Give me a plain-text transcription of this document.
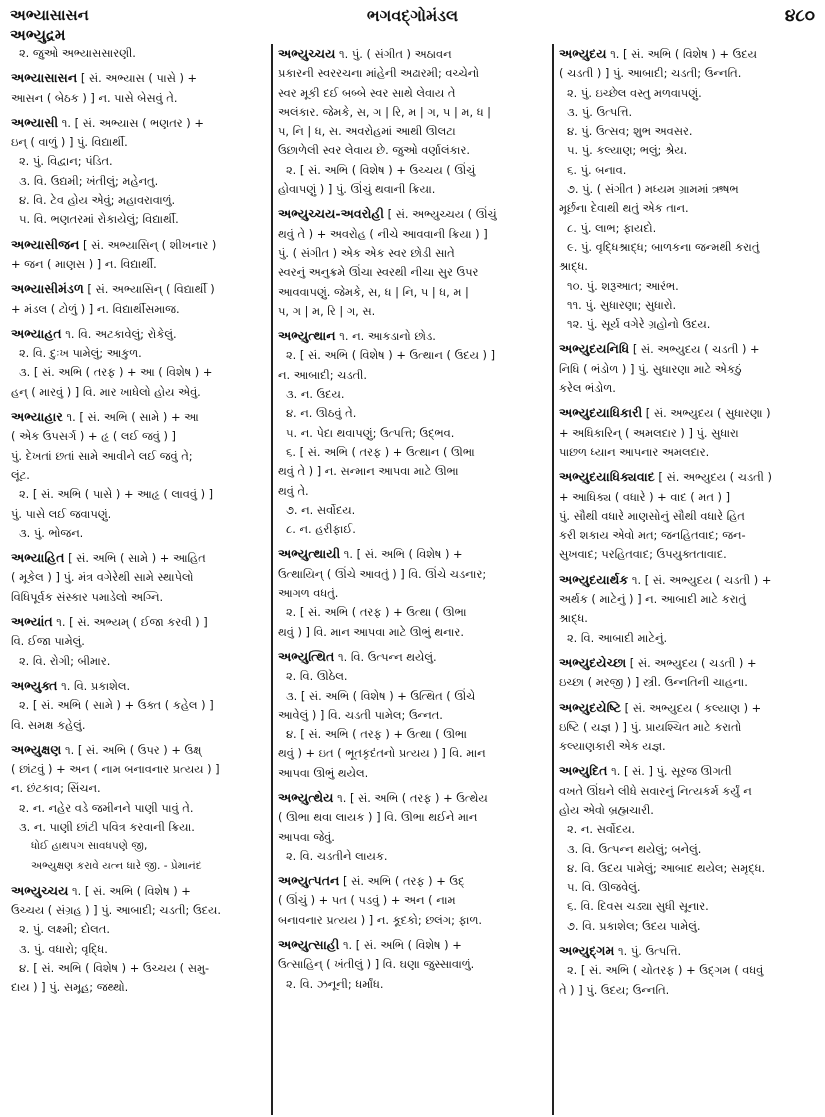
અભ્યાસાસન
અભ્યુદ્રમ
ભગવદ્ગોમંડલ	૪૮૦
૨. જુઓ અભ્યાસસારણી.
અભ્યાસાસન [ સં. અભ્યાસ ( પાસે ) +
આસન ( બેઠક ) ] ન. પાસે બેસવું તે.
અભ્યાસી ૧. [ સં. અભ્યાસ ( ભણતર ) +
ઇન્ ( વાળું ) ] પું. વિદ્યાર્થી.
૨. પું. વિદ્વાન; પંડિત.
૩. વિ. ઉદ્યમી; ખંતીલું; મહેનતુ.
૪. વિ. ટેવ હોય એવું; મહાવરાવાળું.
૫. વિ. ભણતરમાં રોકાયેલું; વિદ્યાર્થી.
અભ્યાસીજન [ સં. અભ્યાસિન્ ( શીખનાર )
+ જન ( માણસ ) ] ન. વિદ્યાર્થી.
અભ્યાસીમંડળ [ સં. અભ્યાસિન્ ( વિદ્યાર્થી )
+ મંડલ ( ટોળું ) ] ન. વિદ્યાર્થીસમાજ.
અભ્યાહત ૧. વિ. અટકાવેલું; રોકેલું.
૨. વિ. દુઃખ પામેલું; આકુળ.
૩. [ સં. અભિ ( તરફ ) + આ ( વિશેષ ) +
હન્ ( મારવું ) ] વિ. માર ખાધેલો હોય એવું.
અભ્યાહાર ૧. [ સં. અભિ ( સામે ) + આ
( એક ઉપસર્ગ ) + હૃ ( લઈ જવું ) ]
પું. દેખતાં છતાં સામે આવીને લઈ જવું તે;
લૂંટ.
૨. [ સં. અભિ ( પાસે ) + આહૃ ( લાવવું ) ]
પું. પાસે લઈ જવાપણું.
૩. પું. ભોજન.
અભ્યાહિત [ સં. અભિ ( સામે ) + આહિત
( મૂકેલ ) ] પું. મંત્ર વગેરેથી સામે સ્થાપેલો
વિધિપૂર્વક સંસ્કાર પમાડેલો અગ્નિ.
અભ્યાંત ૧. [ સં. અભ્યમ્ ( ઈજા કરવી ) ]
વિ. ઈજા પામેલું.
૨. વિ. રોગી; બીમાર.
અભ્યુક્ત ૧. વિ. પ્રકાશેલ.
૨. [ સં. અભિ ( સામે ) + ઉક્ત ( કહેલ ) ]
વિ. સમક્ષ કહેલું.
અભ્યુક્ષણ ૧. [ સં. અભિ ( ઉપર ) + ઉક્ષ્
( છાંટવું ) + અન ( નામ બનાવનાર પ્રત્યય ) ]
ન. છંટકાવ; સિંચન.
૨. ન. નહેર વડે જમીનને પાણી પાવું તે.
૩. ન. પાણી છાંટી પવિત્ર કરવાની ક્રિયા.
ધોઈ હાથપગ સાવધપણે જી,
અભ્યુક્ષણ કરાવે યત્ન ધારે જી. - પ્રેમાનંદ
અભ્યુચ્ચય ૧. [ સં. અભિ ( વિશેષ ) +
ઉચ્ચય ( સંગ્રહ ) ] પું. આબાદી; ચડતી; ઉદય.
૨. પું. લક્ષ્મી; દોલત.
૩. પું. વધારો; વૃદ્ધિ.
૪. [ સં. અભિ ( વિશેષ ) + ઉચ્ચય ( સમુ-
દાય ) ] પું. સમૂહ; જથ્થો.
અભ્યુચ્ચય ૧. પું. ( સંગીત ) અઠાવન
પ્રકારની સ્વરરચના માંહેની અઢારમી; વચ્ચેનો
સ્વર મૂકી દઈ બબ્બે સ્વર સાથે લેવાય તે
અલંકાર. જેમકે, સ, ગ | રિ, મ | ગ, પ | મ, ધ |
પ, નિ | ધ, સ. અવરોહમાં આથી ઊલટા
ઉછાળેલી સ્વર લેવાય છે. જુઓ વર્ણાલંકાર.
૨. [ સં. અભિ ( વિશેષ ) + ઉચ્ચય ( ઊંચું
હોવાપણું ) ] પું. ઊંચું થવાની ક્રિયા.
અભ્યુચ્ચય-અવરોહી [ સં. અભ્યુચ્ચય ( ઊંચું
થવું તે ) + અવરોહ ( નીચે આવવાની ક્રિયા ) ]
પું. ( સંગીત ) એક એક સ્વર છોડી સાતે
સ્વરનું અનુક્રમે ઊંચા સ્વરથી નીચા સુર ઉપર
આવવાપણું. જેમકે, સ, ધ | નિ, પ | ધ, મ |
પ, ગ | મ, રિ | ગ, સ.
અભ્યુત્થાન ૧. ન. આકડાનો છોડ.
૨. [ સં. અભિ ( વિશેષ ) + ઉત્થાન ( ઉદય ) ]
ન. આબાદી; ચડતી.
૩. ન. ઉદય.
૪. ન. ઊઠવું તે.
૫. ન. પેદા થવાપણું; ઉત્પત્તિ; ઉદ્ભવ.
૬. [ સં. અભિ ( તરફ ) + ઉત્થાન ( ઊભા
થવું તે ) ] ન. સન્માન આપવા માટે ઊભા
થવું તે.
૭. ન. સર્વોદય.
૮. ન. હરીફાઈ.
અભ્યુત્થાયી ૧. [ સં. અભિ ( વિશેષ ) +
ઉત્થાયિન્ ( ઊંચે આવતું ) ] વિ. ઊંચે ચડનાર;
આગળ વધતું.
૨. [ સં. અભિ ( તરફ ) + ઉત્થા ( ઊભા
થવું ) ] વિ. માન આપવા માટે ઊભું થનાર.
અભ્યુત્થિત ૧. વિ. ઉત્પન્ન થયેલું.
૨. વિ. ઊઠેલ.
૩. [ સં. અભિ ( વિશેષ ) + ઉત્થિત ( ઊંચે
આવેલું ) ] વિ. ચડતી પામેલ; ઉન્નત.
૪. [ સં. અભિ ( તરફ ) + ઉત્થા ( ઊભા
થવું ) + ઇત ( ભૂતકૃદંતનો પ્રત્યય ) ] વિ. માન
આપવા ઊભું થયેલ.
અભ્યુત્થેય ૧. [ સં. અભિ ( તરફ ) + ઉત્થેય
( ઊભા થવા લાયક ) ] વિ. ઊભા થઈને માન
આપવા જેવું.
૨. વિ. ચડતીને લાયક.
અભ્યુત્પતન [ સં. અભિ ( તરફ ) + ઉદ્
( ઊંચું ) + પત ( પડવું ) + અન ( નામ
બનાવનાર પ્રત્યય ) ] ન. કૂદકો; છલંગ; ફાળ.
અભ્યુત્સાહી ૧. [ સં. અભિ ( વિશેષ ) +
ઉત્સાહિન્ ( ખંતીલું ) ] વિ. ઘણા જુસ્સાવાળું.
૨. વિ. ઝનૂની; ધર્માંધ.
અભ્યુદય ૧. [ સં. અભિ ( વિશેષ ) + ઉદય
( ચડતી ) ] પું. આબાદી; ચડતી; ઉન્નતિ.
૨. પું. ઇચ્છેલ વસ્તુ મળવાપણું.
૩. પું. ઉત્પત્તિ.
૪. પું. ઉત્સવ; શુભ અવસર.
૫. પું. કલ્યાણ; ભલું; શ્રેય.
૬. પું. બનાવ.
૭. પું. ( સંગીત ) મધ્યમ ગ્રામમાં ઋષભ
મૂર્છના દેવાથી થતું એક તાન.
૮. પું. લાભ; ફાયદો.
૯. પું. વૃદ્ધિશ્રાદ્ધ; બાળકના જન્મથી કરાતું
શ્રાદ્ધ.
૧૦. પું. શરૂઆત; આરંભ.
૧૧. પું. સુધારણા; સુધારો.
૧૨. પું. સૂર્ય વગેરે ગ્રહોનો ઉદય.
અભ્યુદયનિધિ [ સં. અભ્યુદય ( ચડતી ) +
નિધિ ( ભંડોળ ) ] પું. સુધારણા માટે એકઠું
કરેલ ભંડોળ.
અભ્યુદયાધિકારી [ સં. અભ્યુદય ( સુધારણા )
+ અધિકારિન્ ( અમલદાર ) ] પું. સુધારા
પાછળ ધ્યાન આપનાર અમલદાર.
અભ્યુદયાધિક્યવાદ [ સં. અભ્યુદય ( ચડતી )
+ આધિક્ય ( વધારે ) + વાદ ( મત ) ]
પું. સૌથી વધારે માણસોનું સૌથી વધારે હિત
કરી શકાય એવો મત; જનહિતવાદ; જન-
સુખવાદ; પરહિતવાદ; ઉપયુક્તતાવાદ.
અભ્યુદયાર્થક ૧. [ સં. અભ્યુદય ( ચડતી ) +
અર્થક ( માટેનું ) ] ન. આબાદી માટે કરાતું
શ્રાદ્ધ.
૨. વિ. આબાદી માટેનું.
અભ્યુદયેચ્છા [ સં. અભ્યુદય ( ચડતી ) +
ઇચ્છા ( મરજી ) ] સ્ત્રી. ઉન્નતિની ચાહના.
અભ્યુદયેષ્ટિ [ સં. અભ્યુદય ( કલ્યાણ ) +
ઇષ્ટિ ( યજ્ઞ ) ] પું. પ્રાયશ્ચિત માટે કરાતો
કલ્યાણકારી એક યજ્ઞ.
અભ્યુદિત ૧. [ સં. ] પું. સૂરજ ઊગતી
વખતે ઊંઘને લીધે સવારનું નિત્યકર્મ કર્યું ન
હોય એવો બ્રહ્મચારી.
૨. ન. સર્વોદય.
૩. વિ. ઉત્પન્ન થયેલું; બનેલું.
૪. વિ. ઉદય પામેલું; આબાદ થયેલ; સમૃદ્ધ.
૫. વિ. ઊજવેલું.
૬. વિ. દિવસ ચડ્યા સુધી સૂનાર.
૭. વિ. પ્રકાશેલ; ઉદય પામેલું.
અભ્યુદ્ગમ ૧. પું. ઉત્પત્તિ.
૨. [ સં. અભિ ( ચોતરફ ) + ઉદ્ગમ ( વધવું
તે ) ] પું. ઉદય; ઉન્નતિ.
